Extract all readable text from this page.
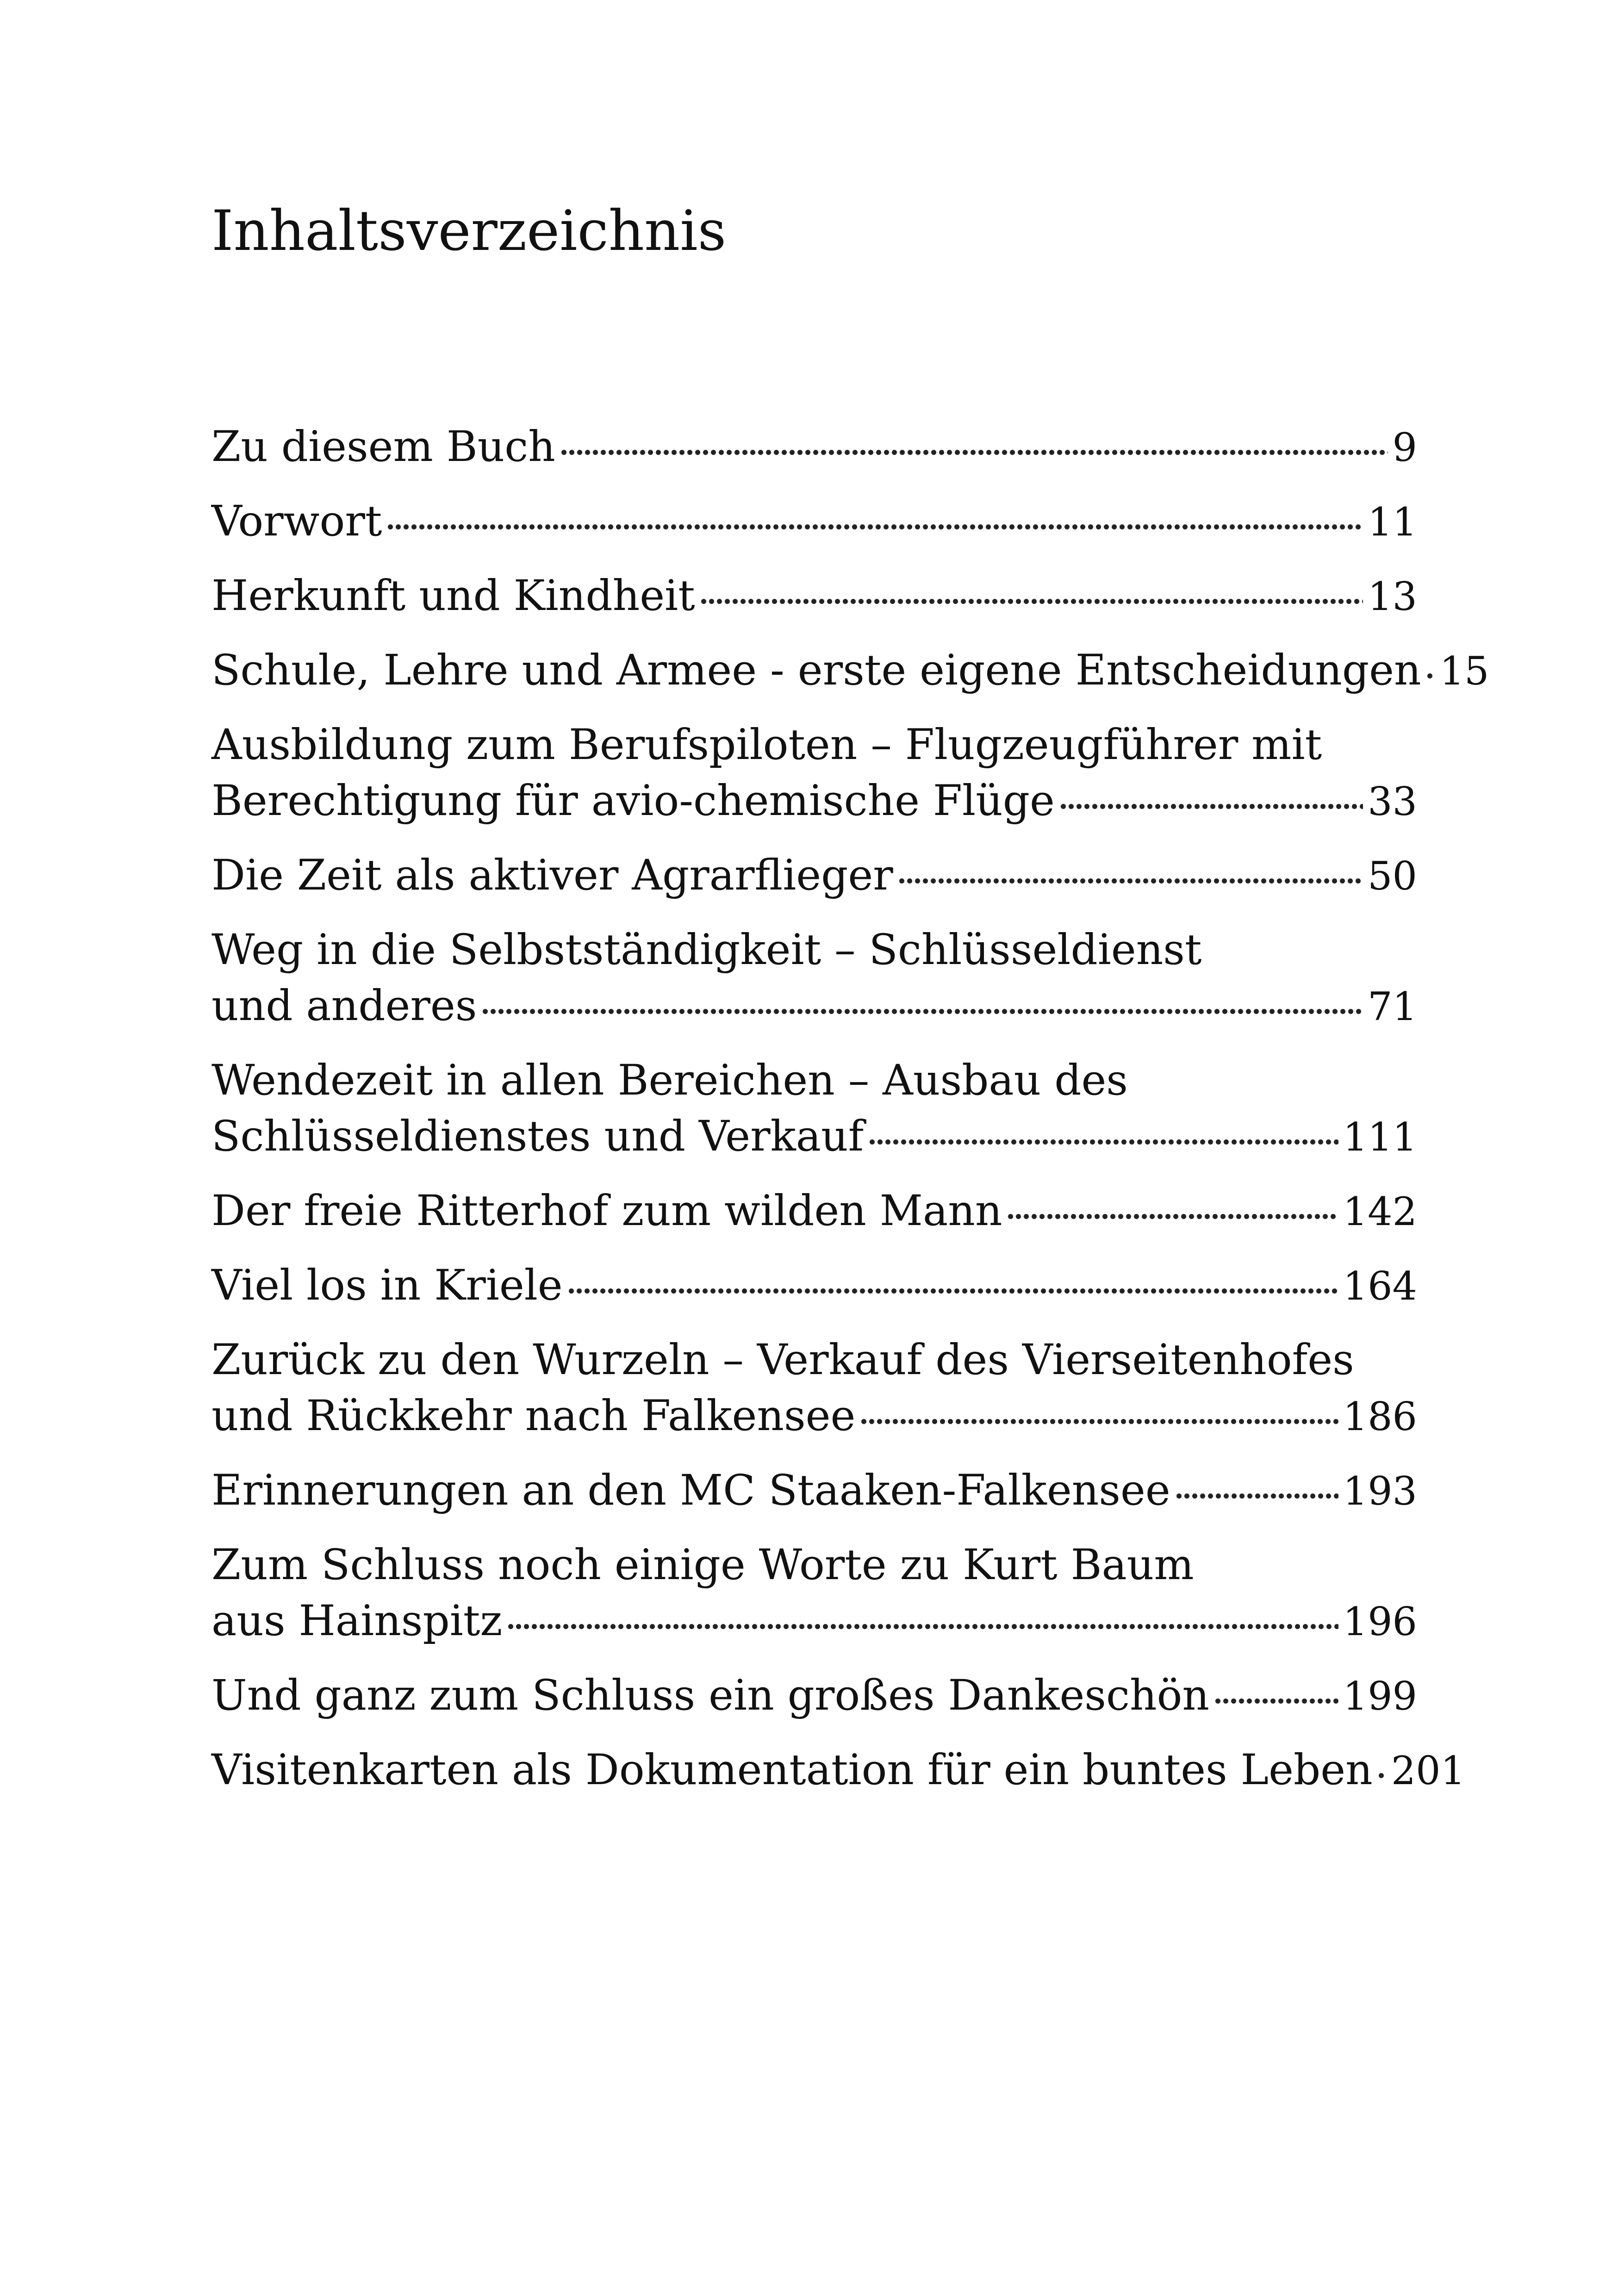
Inhaltsverzeichnis
Zu diesem Buch	9
Vorwort	11
Herkunft und Kindheit	13
Schule, Lehre und Armee - erste eigene Entscheidungen 15
Ausbildung zum Berufspiloten – Flugzeugführer mit
Berechtigung für avio-chemische Flüge	33
Die Zeit als aktiver Agrarflieger	50
Weg in die Selbstständigkeit – Schlüsseldienst
und anderes	71
Wendezeit in allen Bereichen – Ausbau des
Schlüsseldienstes und Verkauf	111
Der freie Ritterhof zum wilden Mann	142
Viel los in Kriele	164
Zurück zu den Wurzeln – Verkauf des Vierseitenhofes
und Rückkehr nach Falkensee	186
Erinnerungen an den MC Staaken-Falkensee	193
Zum Schluss noch einige Worte zu Kurt Baum
aus Hainspitz	196
Und ganz zum Schluss ein großes Dankeschön	199
Visitenkarten als Dokumentation für ein buntes Leben 201
